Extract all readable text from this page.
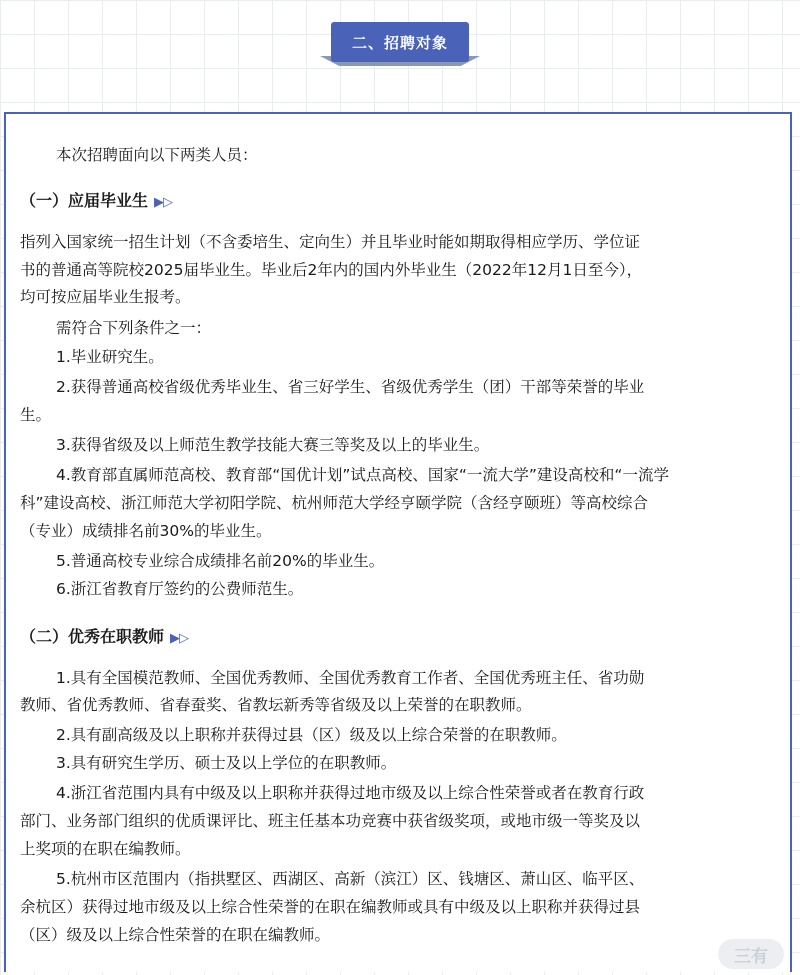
二、招聘对象
本次招聘面向以下两类人员：
（一）应届毕业生 ▶▷
指列入国家统一招生计划（不含委培生、定向生）并且毕业时能如期取得相应学历、学位证
书的普通高等院校2025届毕业生。毕业后2年内的国内外毕业生（2022年12月1日至今），
均可按应届毕业生报考。
需符合下列条件之一：
1.毕业研究生。
2.获得普通高校省级优秀毕业生、省三好学生、省级优秀学生（团）干部等荣誉的毕业
生。
3.获得省级及以上师范生教学技能大赛三等奖及以上的毕业生。
4.教育部直属师范高校、教育部“国优计划”试点高校、国家“一流大学”建设高校和“一流学
科”建设高校、浙江师范大学初阳学院、杭州师范大学经亨颐学院（含经亨颐班）等高校综合
（专业）成绩排名前30%的毕业生。
5.普通高校专业综合成绩排名前20%的毕业生。
6.浙江省教育厅签约的公费师范生。
（二）优秀在职教师 ▶▷
1.具有全国模范教师、全国优秀教师、全国优秀教育工作者、全国优秀班主任、省功勋
教师、省优秀教师、省春蚕奖、省教坛新秀等省级及以上荣誉的在职教师。
2.具有副高级及以上职称并获得过县（区）级及以上综合荣誉的在职教师。
3.具有研究生学历、硕士及以上学位的在职教师。
4.浙江省范围内具有中级及以上职称并获得过地市级及以上综合性荣誉或者在教育行政
部门、业务部门组织的优质课评比、班主任基本功竞赛中获省级奖项，或地市级一等奖及以
上奖项的在职在编教师。
5.杭州市区范围内（指拱墅区、西湖区、高新（滨江）区、钱塘区、萧山区、临平区、
余杭区）获得过地市级及以上综合性荣誉的在职在编教师或具有中级及以上职称并获得过县
（区）级及以上综合性荣誉的在职在编教师。
三有
